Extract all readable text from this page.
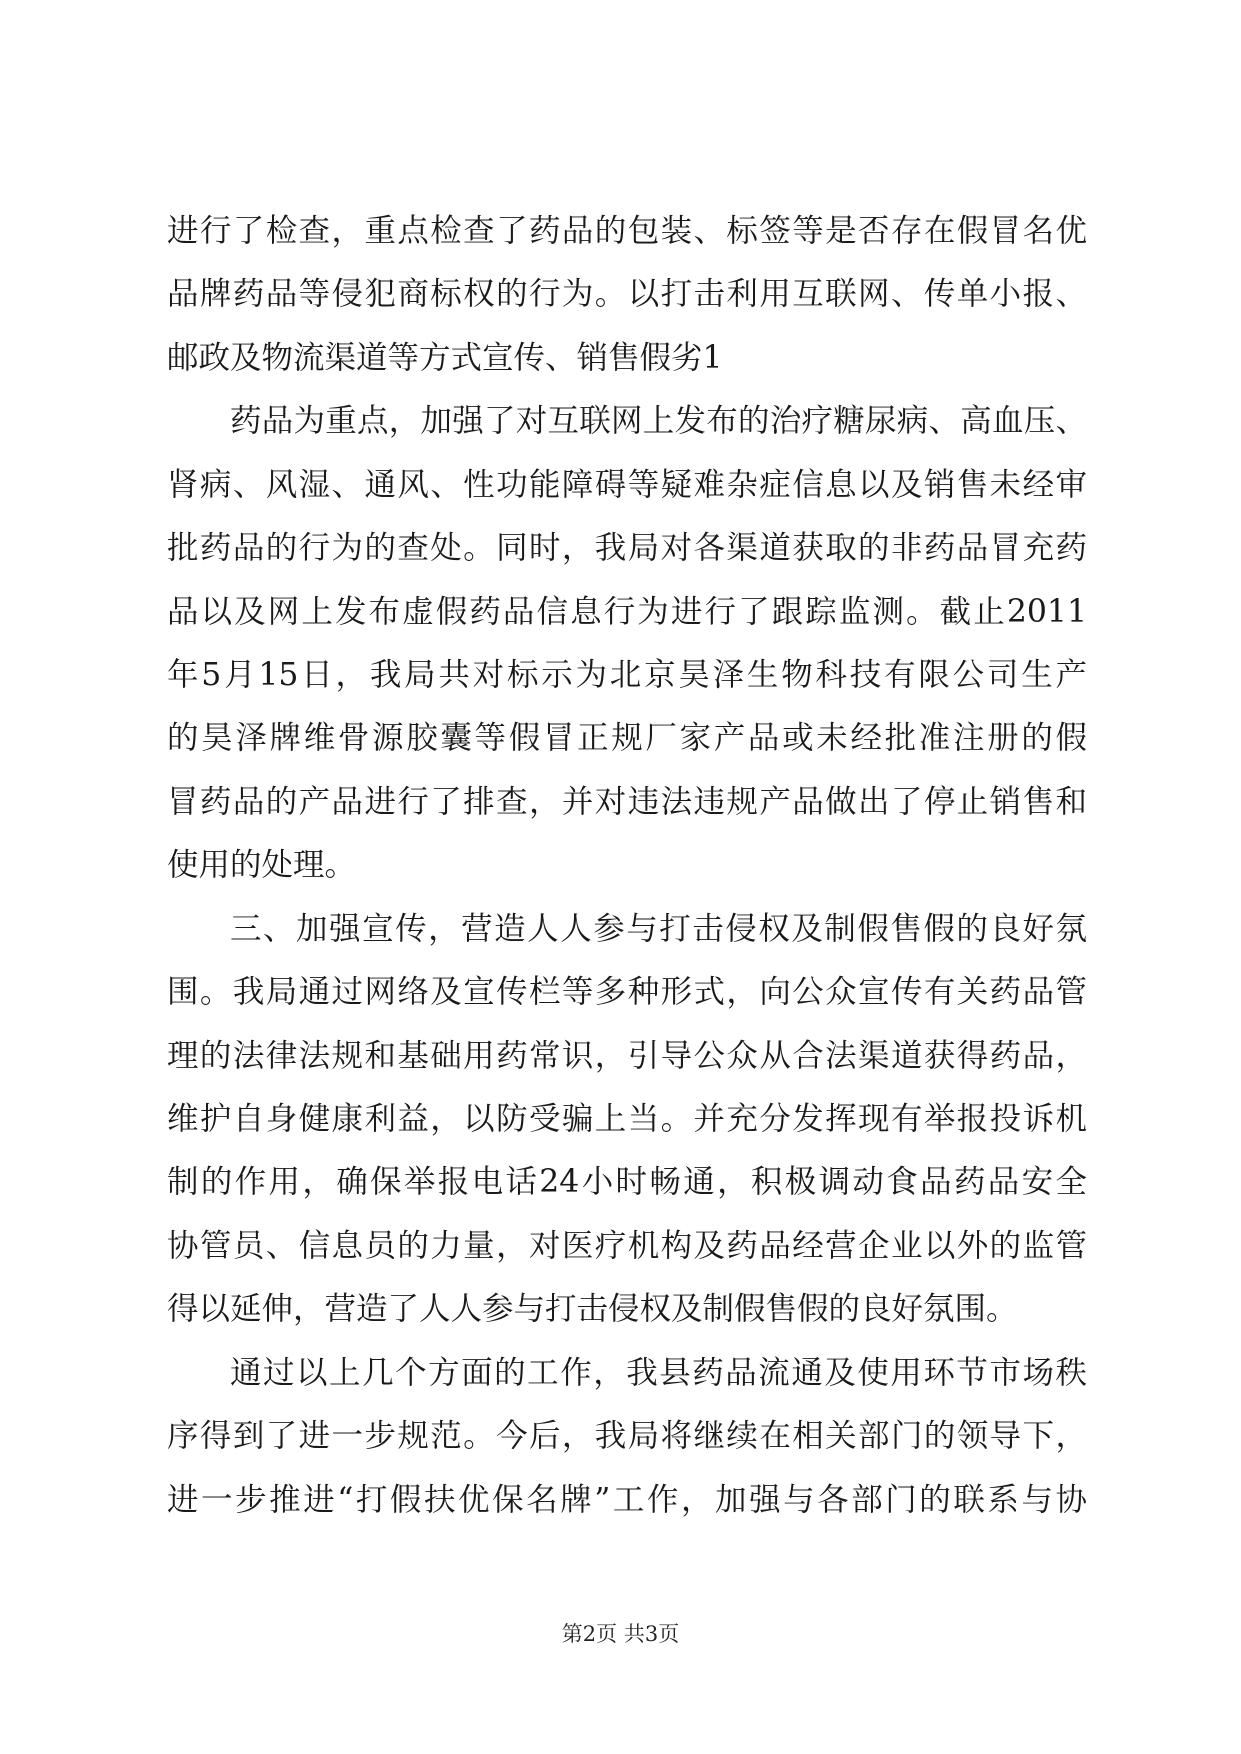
进行了检查，重点检查了药品的包装、标签等是否存在假冒名优
品牌药品等侵犯商标权的行为。以打击利用互联网、传单小报、
邮政及物流渠道等方式宣传、销售假劣1
药品为重点，加强了对互联网上发布的治疗糖尿病、高血压、
肾病、风湿、通风、性功能障碍等疑难杂症信息以及销售未经审
批药品的行为的查处。同时，我局对各渠道获取的非药品冒充药
品以及网上发布虚假药品信息行为进行了跟踪监测。截止2011
年5月15日，我局共对标示为北京昊泽生物科技有限公司生产
的昊泽牌维骨源胶囊等假冒正规厂家产品或未经批准注册的假
冒药品的产品进行了排查，并对违法违规产品做出了停止销售和
使用的处理。
三、加强宣传，营造人人参与打击侵权及制假售假的良好氛
围。我局通过网络及宣传栏等多种形式，向公众宣传有关药品管
理的法律法规和基础用药常识，引导公众从合法渠道获得药品，
维护自身健康利益，以防受骗上当。并充分发挥现有举报投诉机
制的作用，确保举报电话24小时畅通，积极调动食品药品安全
协管员、信息员的力量，对医疗机构及药品经营企业以外的监管
得以延伸，营造了人人参与打击侵权及制假售假的良好氛围。
通过以上几个方面的工作，我县药品流通及使用环节市场秩
序得到了进一步规范。今后，我局将继续在相关部门的领导下，
进一步推进“打假扶优保名牌”工作，加强与各部门的联系与协
第2页 共3页
